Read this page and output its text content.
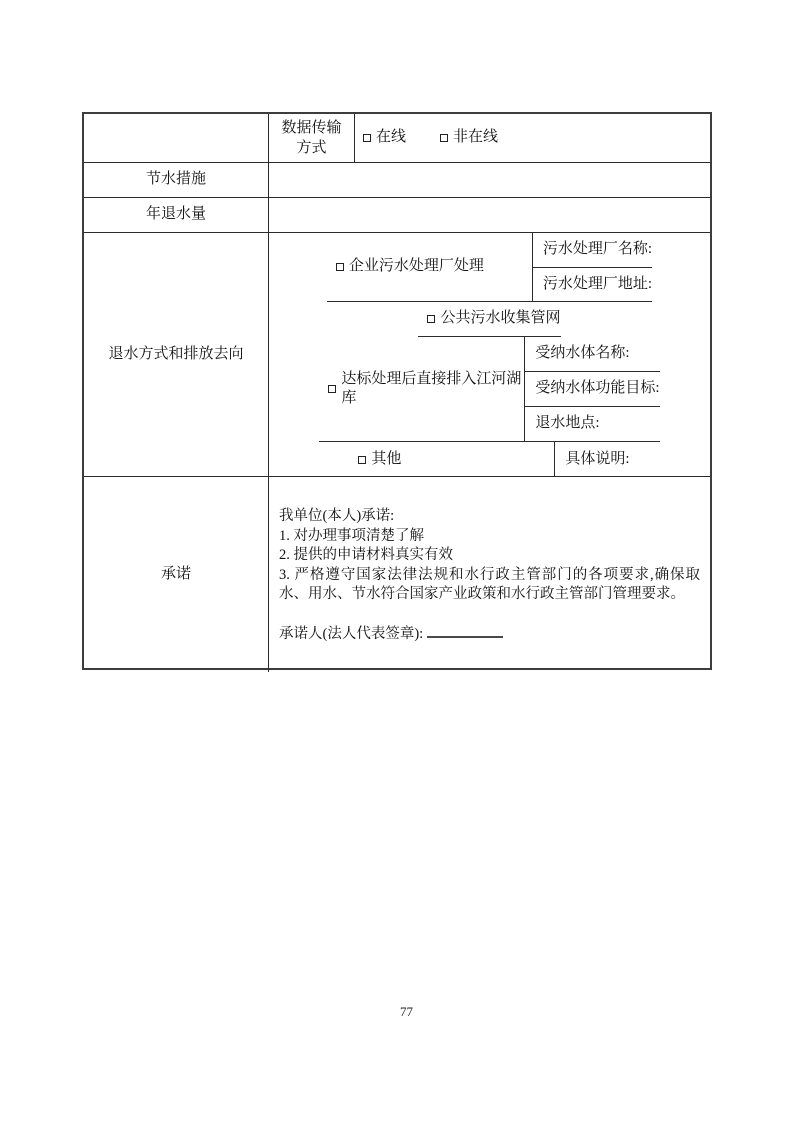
数据传输
方式
在线	非在线
节水措施
年退水量
退水方式和排放去向
企业污水处理厂处理
污水处理厂名称:
污水处理厂地址:
公共污水收集管网
达标处理后直接排入江河湖库
受纳水体名称:
受纳水体功能目标:
退水地点:
其他	具体说明:
承诺

我单位(本人)承诺:

1. 对办理事项清楚了解

2. 提供的申请材料真实有效

3. 严格遵守国家法律法规和水行政主管部门的各项要求,确保取水、用水、节水符合国家产业政策和水行政主管部门管理要求。

承诺人(法人代表签章):
77
